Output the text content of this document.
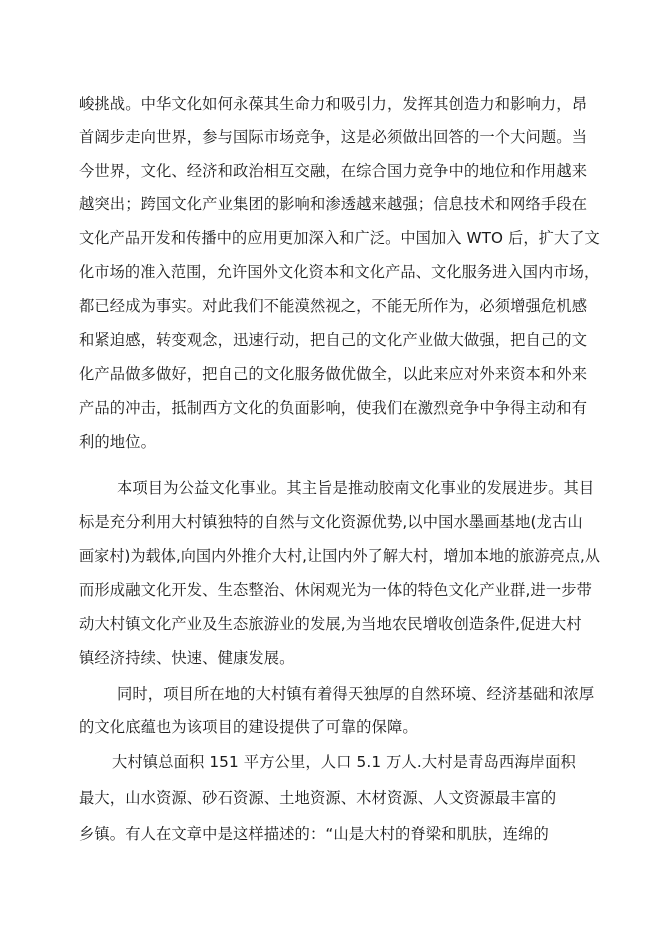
峻挑战。中华文化如何永葆其生命力和吸引力，发挥其创造力和影响力，昂
首阔步走向世界，参与国际市场竞争，这是必须做出回答的一个大问题。当
今世界，文化、经济和政治相互交融，在综合国力竞争中的地位和作用越来
越突出；跨国文化产业集团的影响和渗透越来越强；信息技术和网络手段在
文化产品开发和传播中的应用更加深入和广泛。中国加入 WTO 后，扩大了文
化市场的准入范围，允许国外文化资本和文化产品、文化服务进入国内市场，
都已经成为事实。对此我们不能漠然视之，不能无所作为，必须增强危机感
和紧迫感，转变观念，迅速行动，把自己的文化产业做大做强，把自己的文
化产品做多做好，把自己的文化服务做优做全，以此来应对外来资本和外来
产品的冲击，抵制西方文化的负面影响，使我们在激烈竞争中争得主动和有
利的地位。
本项目为公益文化事业。其主旨是推动胶南文化事业的发展进步。其目
标是充分利用大村镇独特的自然与文化资源优势,以中国水墨画基地(龙古山
画家村)为载体,向国内外推介大村,让国内外了解大村，增加本地的旅游亮点,从
而形成融文化开发、生态整治、休闲观光为一体的特色文化产业群,进一步带
动大村镇文化产业及生态旅游业的发展,为当地农民增收创造条件,促进大村
镇经济持续、快速、健康发展。
同时，项目所在地的大村镇有着得天独厚的自然环境、经济基础和浓厚
的文化底蕴也为该项目的建设提供了可靠的保障。
大村镇总面积 151 平方公里，人口 5.1 万人.大村是青岛西海岸面积
最大，山水资源、砂石资源、土地资源、木材资源、人文资源最丰富的
乡镇。有人在文章中是这样描述的：“山是大村的脊梁和肌肤，连绵的
